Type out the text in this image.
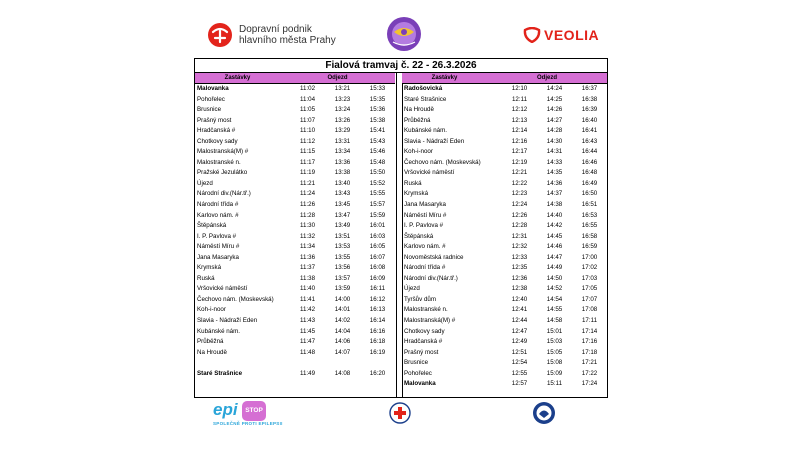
Dopravní podnik
hlavního města Prahy	VEOLIA
Fialová tramvaj č. 22 - 26.3.2026
Zastávky	Odjezd
Malovanka	11:02	13:21	15:33
Pohořelec	11:04	13:23	15:35
Brusnice	11:05	13:24	15:36
Prašný most	11:07	13:26	15:38
Hradčanská #	11:10	13:29	15:41
Chotkovy sady	11:12	13:31	15:43
Malostranská(M) #	11:15	13:34	15:46
Malostranské n.	11:17	13:36	15:48
Pražské Jezulátko	11:19	13:38	15:50
Újezd	11:21	13:40	15:52
Národní div.(Nár.tř.)	11:24	13:43	15:55
Národní třída #	11:26	13:45	15:57
Karlovo nám. #	11:28	13:47	15:59
Štěpánská	11:30	13:49	16:01
I. P. Pavlova #	11:32	13:51	16:03
Náměstí Míru #	11:34	13:53	16:05
Jana Masaryka	11:36	13:55	16:07
Krymská	11:37	13:56	16:08
Ruská	11:38	13:57	16:09
Vršovické náměstí	11:40	13:59	16:11
Čechovo nám. (Moskevská)	11:41	14:00	16:12
Koh-i-noor	11:42	14:01	16:13
Slavia - Nádraží Eden	11:43	14:02	16:14
Kubánské nám.	11:45	14:04	16:16
Průběžná	11:47	14:06	16:18
Na Hroudě	11:48	14:07	16:19
Staré Strašnice	11:49	14:08	16:20
Zastávky	Odjezd
Radošovická	12:10	14:24	16:37
Staré Strašnice	12:11	14:25	16:38
Na Hroudě	12:12	14:26	16:39
Průběžná	12:13	14:27	16:40
Kubánské nám.	12:14	14:28	16:41
Slavia - Nádraží Eden	12:16	14:30	16:43
Koh-i-noor	12:17	14:31	16:44
Čechovo nám. (Moskevská)	12:19	14:33	16:46
Vršovické náměstí	12:21	14:35	16:48
Ruská	12:22	14:36	16:49
Krymská	12:23	14:37	16:50
Jana Masaryka	12:24	14:38	16:51
Náměstí Míru #	12:26	14:40	16:53
I. P. Pavlova #	12:28	14:42	16:55
Štěpánská	12:31	14:45	16:58
Karlovo nám. #	12:32	14:46	16:59
Novoměstská radnice	12:33	14:47	17:00
Národní třída #	12:35	14:49	17:02
Národní div.(Nár.tř.)	12:36	14:50	17:03
Újezd	12:38	14:52	17:05
Tyršův dům	12:40	14:54	17:07
Malostranské n.	12:41	14:55	17:08
Malostranská(M) #	12:44	14:58	17:11
Chotkovy sady	12:47	15:01	17:14
Hradčanská #	12:49	15:03	17:16
Prašný most	12:51	15:05	17:18
Brusnice	12:54	15:08	17:21
Pohořelec	12:55	15:09	17:22
Malovanka	12:57	15:11	17:24
epi STOP
SPOLEČNĚ PROTI EPILEPSII
